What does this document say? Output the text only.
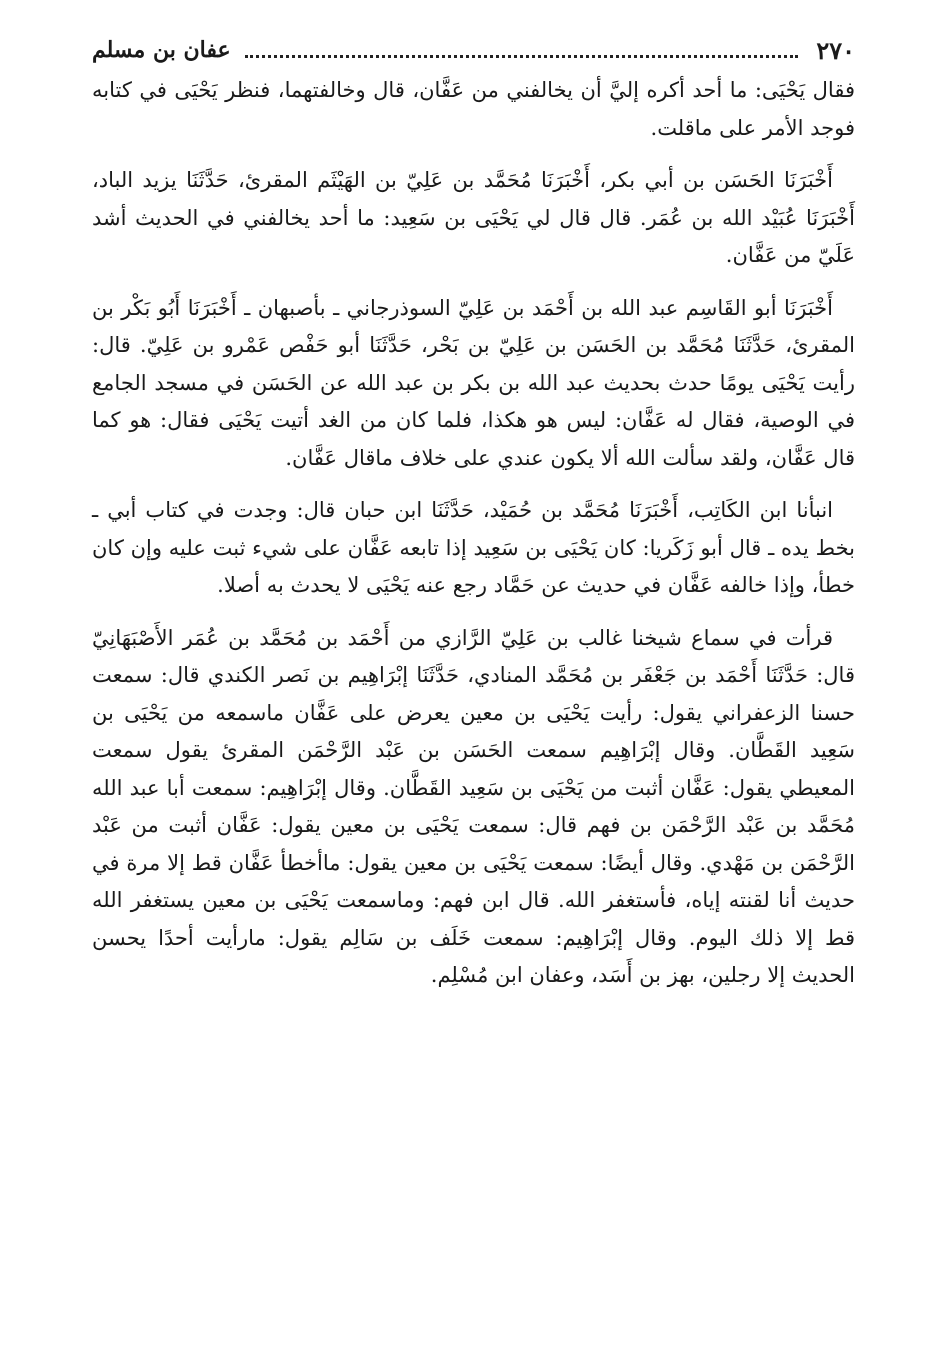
٢٧٠
عفان بن مسلم

فقال يَحْيَى: ما أحد أكره إليَّ أن يخالفني من عَفَّان، قال وخالفتهما، فنظر يَحْيَى في كتابه فوجد الأمر على ماقلت.

أَخْبَرَنَا الحَسَن بن أبي بكر، أَخْبَرَنَا مُحَمَّد بن عَلِيّ بن الهَيْثَم المقرئ، حَدَّثَنَا يزيد الباد، أَخْبَرَنَا عُبَيْد الله بن عُمَر. قال قال لي يَحْيَى بن سَعِيد: ما أحد يخالفني في الحديث أشد عَلَيّ من عَفَّان.

أَخْبَرَنَا أبو القَاسِم عبد الله بن أَحْمَد بن عَلِيّ السوذرجاني ـ بأصبهان ـ أَخْبَرَنَا أَبُو بَكْر بن المقرئ، حَدَّثَنَا مُحَمَّد بن الحَسَن بن عَلِيّ بن بَحْر، حَدَّثَنَا أبو حَفْص عَمْرو بن عَلِيّ. قال: رأيت يَحْيَى يومًا حدث بحديث عبد الله بن بكر بن عبد الله عن الحَسَن في مسجد الجامع في الوصية، فقال له عَفَّان: ليس هو هكذا، فلما كان من الغد أتيت يَحْيَى فقال: هو كما قال عَفَّان، ولقد سألت الله ألا يكون عندي على خلاف ماقال عَفَّان.

انبأنا ابن الكَاتِب، أَخْبَرَنَا مُحَمَّد بن حُمَيْد، حَدَّثَنَا ابن حبان قال: وجدت في كتاب أبي ـ بخط يده ـ قال أبو زَكَريا: كان يَحْيَى بن سَعِيد إذا تابعه عَفَّان على شيء ثبت عليه وإن كان خطأ، وإذا خالفه عَفَّان في حديث عن حَمَّاد رجع عنه يَحْيَى لا يحدث به أصلا.

قرأت في سماع شيخنا غالب بن عَلِيّ الرَّازي من أَحْمَد بن مُحَمَّد بن عُمَر الأَصْبَهَانِيّ قال: حَدَّثَنَا أَحْمَد بن جَعْفَر بن مُحَمَّد المنادي، حَدَّثَنَا إبْرَاهِيم بن نَصر الكندي قال: سمعت حسنا الزعفراني يقول: رأيت يَحْيَى بن معين يعرض على عَفَّان ماسمعه من يَحْيَى بن سَعِيد القَطَّان. وقال إبْرَاهِيم سمعت الحَسَن بن عَبْد الرَّحْمَن المقرئ يقول سمعت المعيطي يقول: عَفَّان أثبت من يَحْيَى بن سَعِيد القَطَّان. وقال إبْرَاهِيم: سمعت أبا عبد الله مُحَمَّد بن عَبْد الرَّحْمَن بن فهم قال: سمعت يَحْيَى بن معين يقول: عَفَّان أثبت من عَبْد الرَّحْمَن بن مَهْدي. وقال أيضًا: سمعت يَحْيَى بن معين يقول: ماأخطأ عَفَّان قط إلا مرة في حديث أنا لقنته إياه، فأستغفر الله. قال ابن فهم: وماسمعت يَحْيَى بن معين يستغفر الله قط إلا ذلك اليوم. وقال إبْرَاهِيم: سمعت خَلَف بن سَالِم يقول: مارأيت أحدًا يحسن الحديث إلا رجلين، بهز بن أَسَد، وعفان ابن مُسْلِم.
